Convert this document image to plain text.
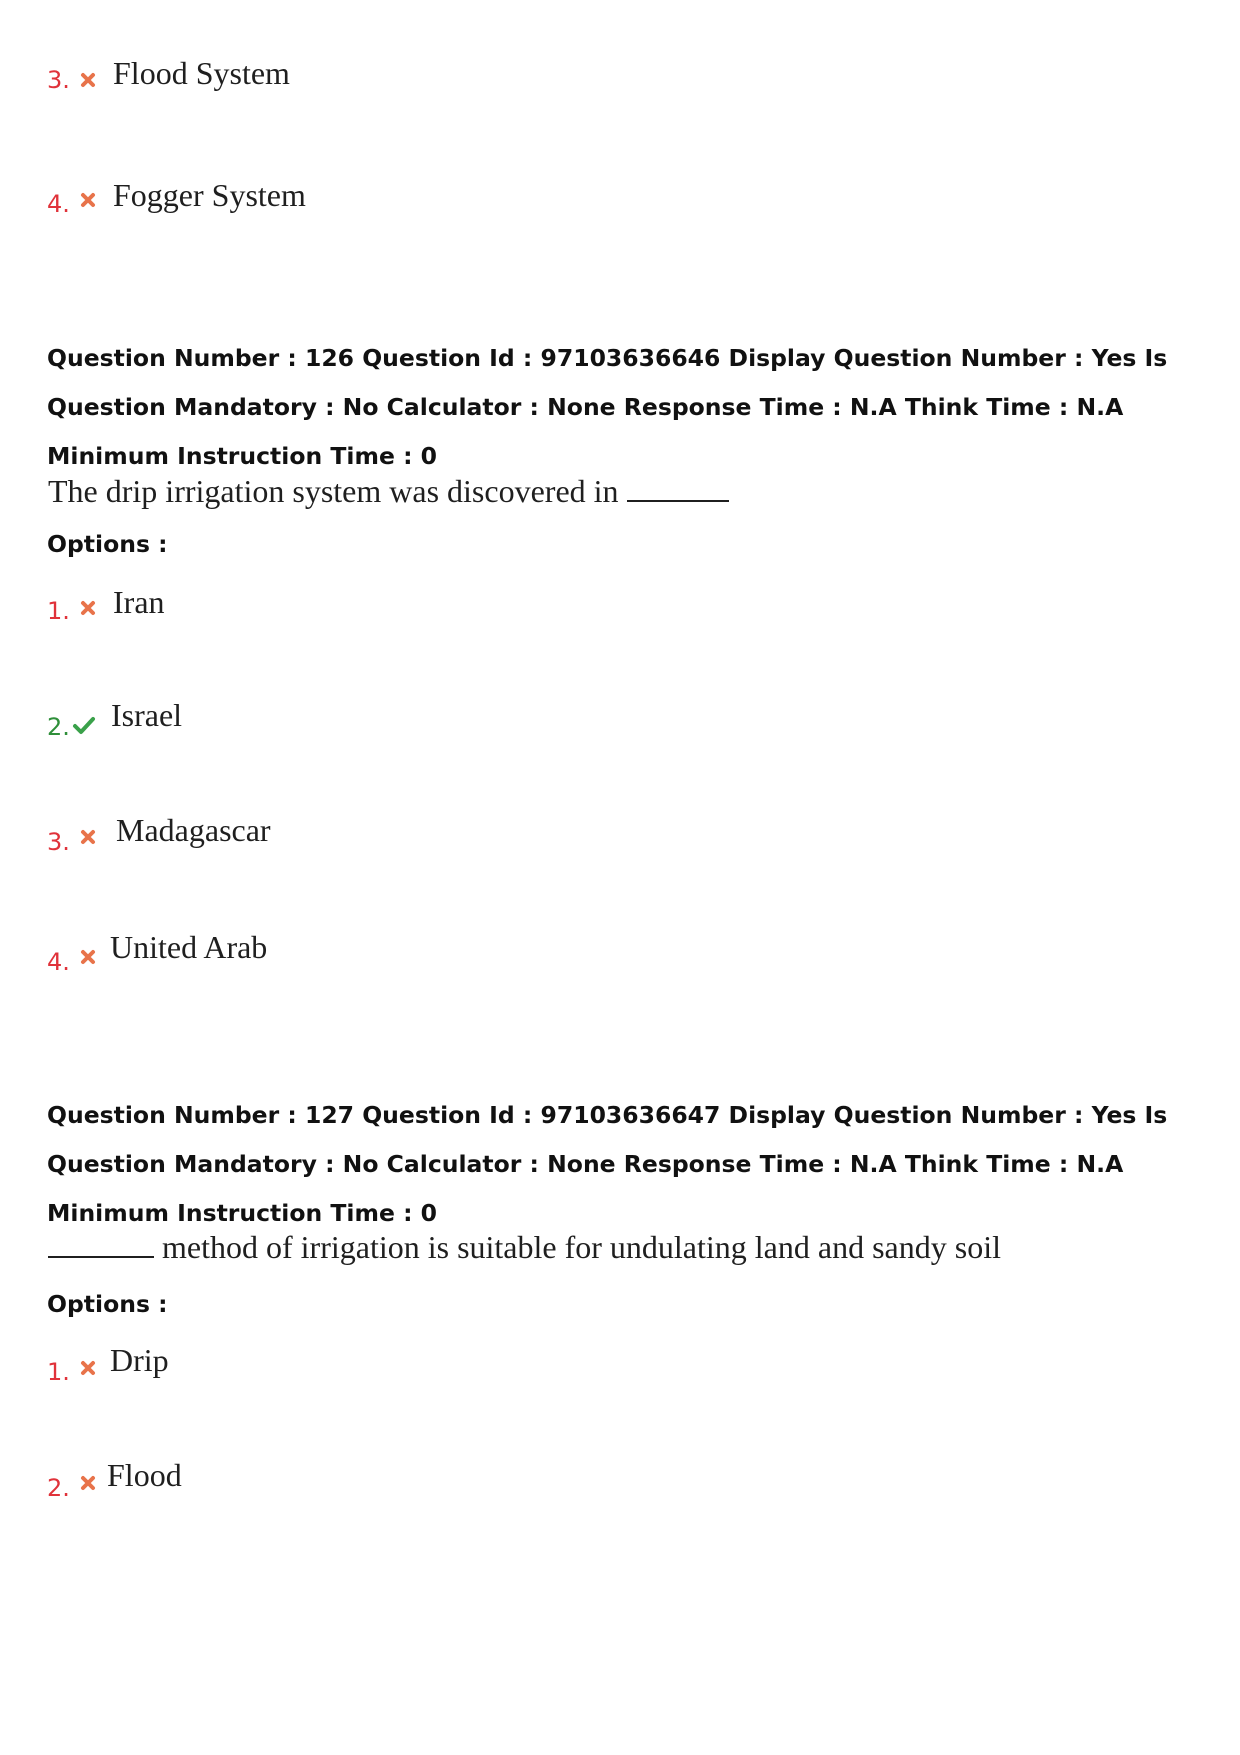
3. Flood System
4. Fogger System
Question Number : 126 Question Id : 97103636646 Display Question Number : Yes Is Question Mandatory : No Calculator : None Response Time : N.A Think Time : N.A Minimum Instruction Time : 0
The drip irrigation system was discovered in
Options :
1. Iran
2. Israel
3. Madagascar
4. United Arab
Question Number : 127 Question Id : 97103636647 Display Question Number : Yes Is Question Mandatory : No Calculator : None Response Time : N.A Think Time : N.A Minimum Instruction Time : 0
method of irrigation is suitable for undulating land and sandy soil
Options :
1. Drip
2. Flood
